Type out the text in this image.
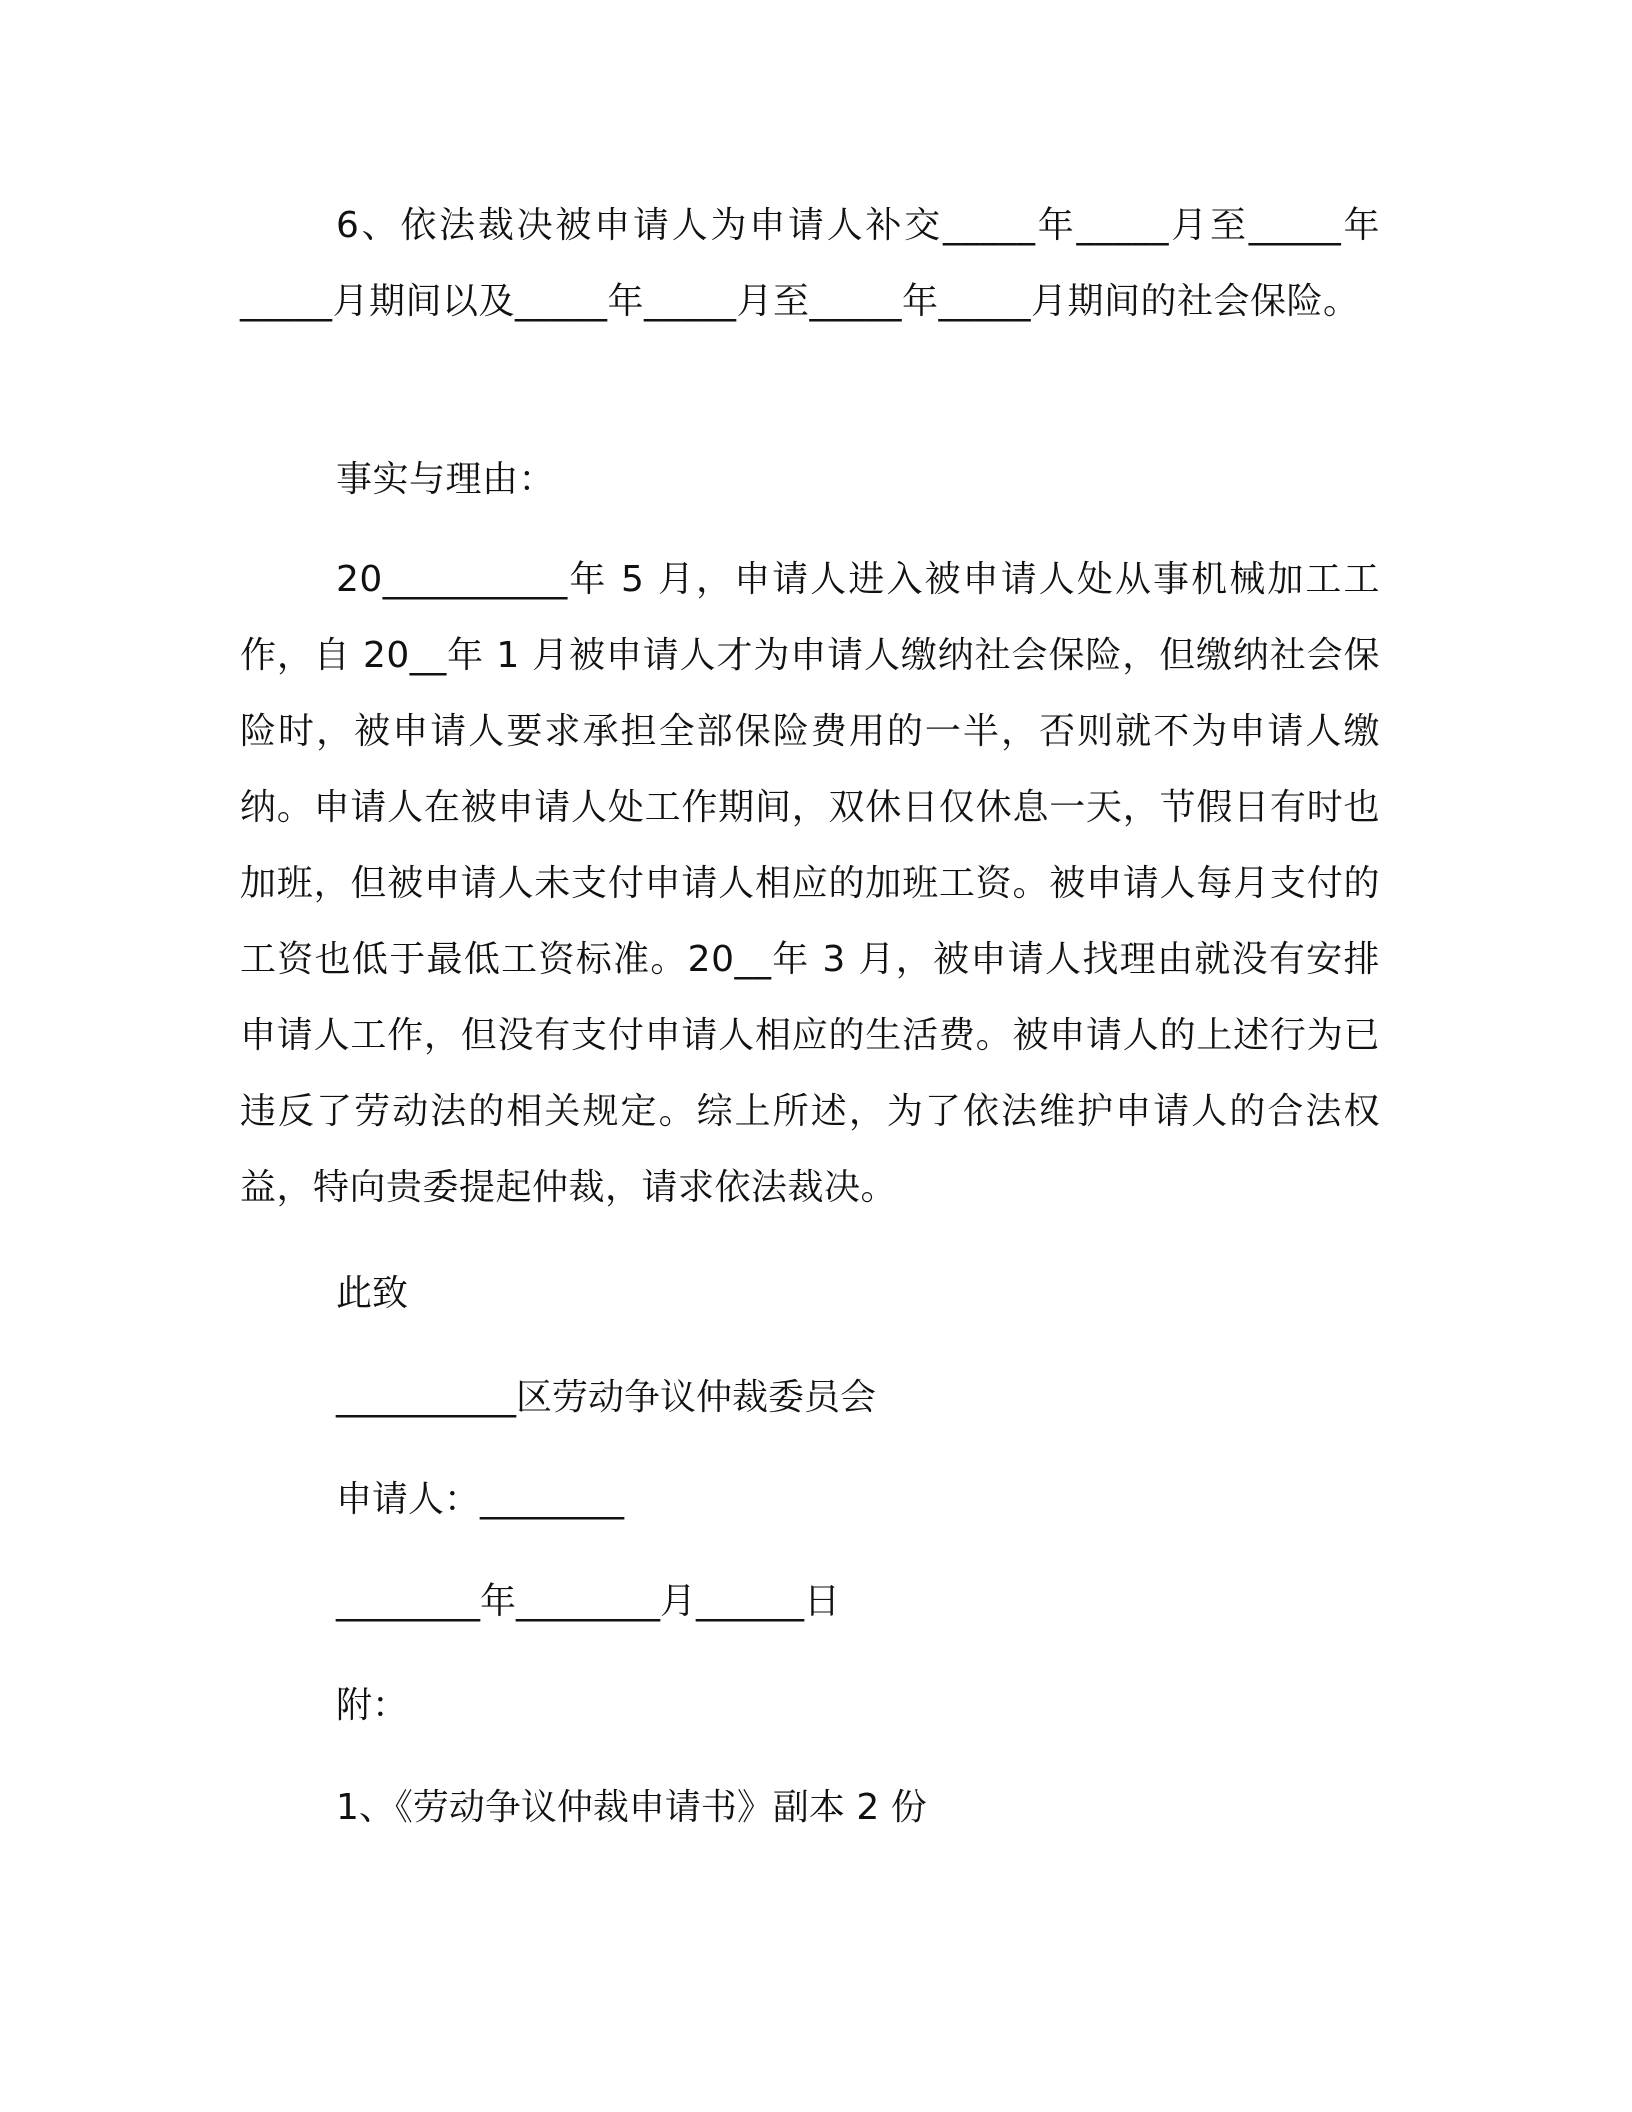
6、依法裁决被申请人为申请人补交_____年_____月至_____年_____月期间以及_____年_____月至_____年_____月期间的社会保险。

事实与理由：

20__________年 5 月，申请人进入被申请人处从事机械加工工作，自 20__年 1 月被申请人才为申请人缴纳社会保险，但缴纳社会保险时，被申请人要求承担全部保险费用的一半，否则就不为申请人缴纳。申请人在被申请人处工作期间，双休日仅休息一天，节假日有时也加班，但被申请人未支付申请人相应的加班工资。被申请人每月支付的工资也低于最低工资标准。20__年 3 月，被申请人找理由就没有安排申请人工作，但没有支付申请人相应的生活费。被申请人的上述行为已违反了劳动法的相关规定。综上所述，为了依法维护申请人的合法权益，特向贵委提起仲裁，请求依法裁决。

此致
__________区劳动争议仲裁委员会
申请人：________
________年________月______日
附：
1、《劳动争议仲裁申请书》副本 2 份
